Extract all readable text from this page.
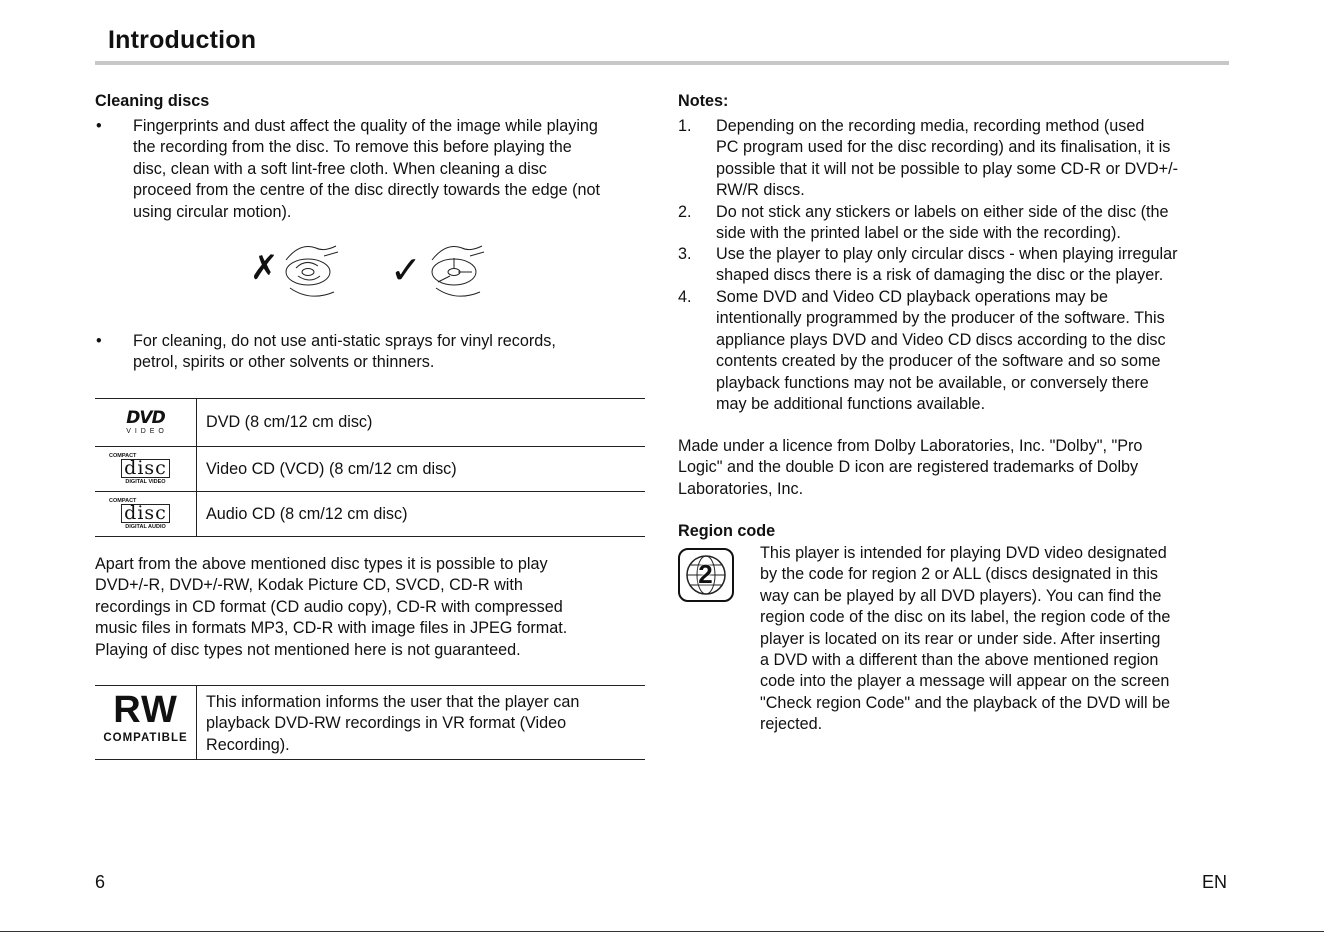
Introduction
Cleaning discs
• Fingerprints and dust affect the quality of the image while playing
the recording from the disc. To remove this before playing the
disc, clean with a soft lint-free cloth. When cleaning a disc
proceed from the centre of the disc directly towards the edge (not
using circular motion).
✗	✓
• For cleaning, do not use anti-static sprays for vinyl records,
petrol, spirits or other solvents or thinners.
DVD
V I D E O	DVD (8 cm/12 cm disc)

COMPACT
disc
DIGITAL VIDEO	Video CD (VCD) (8 cm/12 cm disc)

COMPACT
disc
DIGITAL AUDIO	Audio CD (8 cm/12 cm disc)
Apart from the above mentioned disc types it is possible to play
DVD+/-R, DVD+/-RW, Kodak Picture CD, SVCD, CD-R with
recordings in CD format (CD audio copy), CD-R with compressed
music files in formats MP3, CD-R with image files in JPEG format.
Playing of disc types not mentioned here is not guaranteed.
RW
COMPATIBLE

This information informs the user that the player can
playback DVD-RW recordings in VR format (Video
Recording).
Notes:
1. Depending on the recording media, recording method (used
PC program used for the disc recording) and its finalisation, it is
possible that it will not be possible to play some CD-R or DVD+/-
RW/R discs.
2. Do not stick any stickers or labels on either side of the disc (the
side with the printed label or the side with the recording).
3. Use the player to play only circular discs - when playing irregular
shaped discs there is a risk of damaging the disc or the player.
4. Some DVD and Video CD playback operations may be
intentionally programmed by the producer of the software. This
appliance plays DVD and Video CD discs according to the disc
contents created by the producer of the software and so some
playback functions may not be available, or conversely there
may be additional functions available.
Made under a licence from Dolby Laboratories, Inc. "Dolby", "Pro
Logic" and the double D icon are registered trademarks of Dolby
Laboratories, Inc.
Region code
2
This player is intended for playing DVD video designated
by the code for region 2 or ALL (discs designated in this
way can be played by all DVD players). You can find the
region code of the disc on its label, the region code of the
player is located on its rear or under side. After inserting
a DVD with a different than the above mentioned region
code into the player a message will appear on the screen
"Check region Code" and the playback of the DVD will be
rejected.
6	EN
